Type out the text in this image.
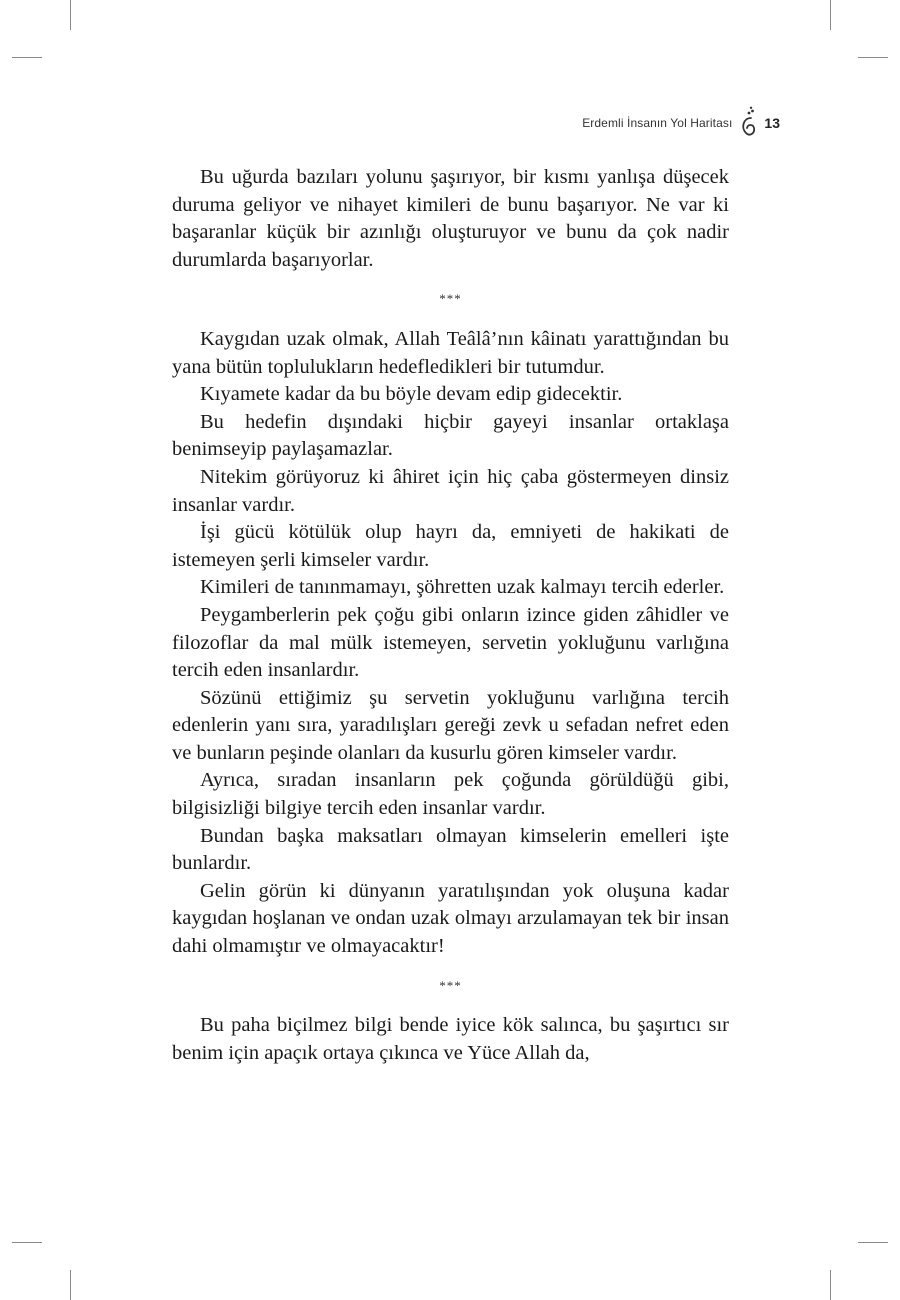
Erdemli İnsanın Yol Haritası 13

Bu uğurda bazıları yolunu şaşırıyor, bir kısmı yanlışa düşecek duruma geliyor ve nihayet kimileri de bunu başarıyor. Ne var ki başaranlar küçük bir azınlığı oluşturuyor ve bunu da çok nadir durumlarda başarıyorlar.

***

Kaygıdan uzak olmak, Allah Teâlâ’nın kâinatı yarattığından bu yana bütün toplulukların hedefledikleri bir tutumdur.

Kıyamete kadar da bu böyle devam edip gidecektir.

Bu hedefin dışındaki hiçbir gayeyi insanlar ortaklaşa benimseyip paylaşamazlar.

Nitekim görüyoruz ki âhiret için hiç çaba göstermeyen dinsiz insanlar vardır.

İşi gücü kötülük olup hayrı da, emniyeti de hakikati de istemeyen şerli kimseler vardır.

Kimileri de tanınmamayı, şöhretten uzak kalmayı tercih ederler.

Peygamberlerin pek çoğu gibi onların izince giden zâhidler ve filozoflar da mal mülk istemeyen, servetin yokluğunu varlığına tercih eden insanlardır.

Sözünü ettiğimiz şu servetin yokluğunu varlığına tercih edenlerin yanı sıra, yaradılışları gereği zevk u sefadan nefret eden ve bunların peşinde olanları da kusurlu gören kimseler vardır.

Ayrıca, sıradan insanların pek çoğunda görüldüğü gibi, bilgisizliği bilgiye tercih eden insanlar vardır.

Bundan başka maksatları olmayan kimselerin emelleri işte bunlardır.

Gelin görün ki dünyanın yaratılışından yok oluşuna kadar kaygıdan hoşlanan ve ondan uzak olmayı arzulamayan tek bir insan dahi olmamıştır ve olmayacaktır!

***

Bu paha biçilmez bilgi bende iyice kök salınca, bu şaşırtıcı sır benim için apaçık ortaya çıkınca ve Yüce Allah da,
